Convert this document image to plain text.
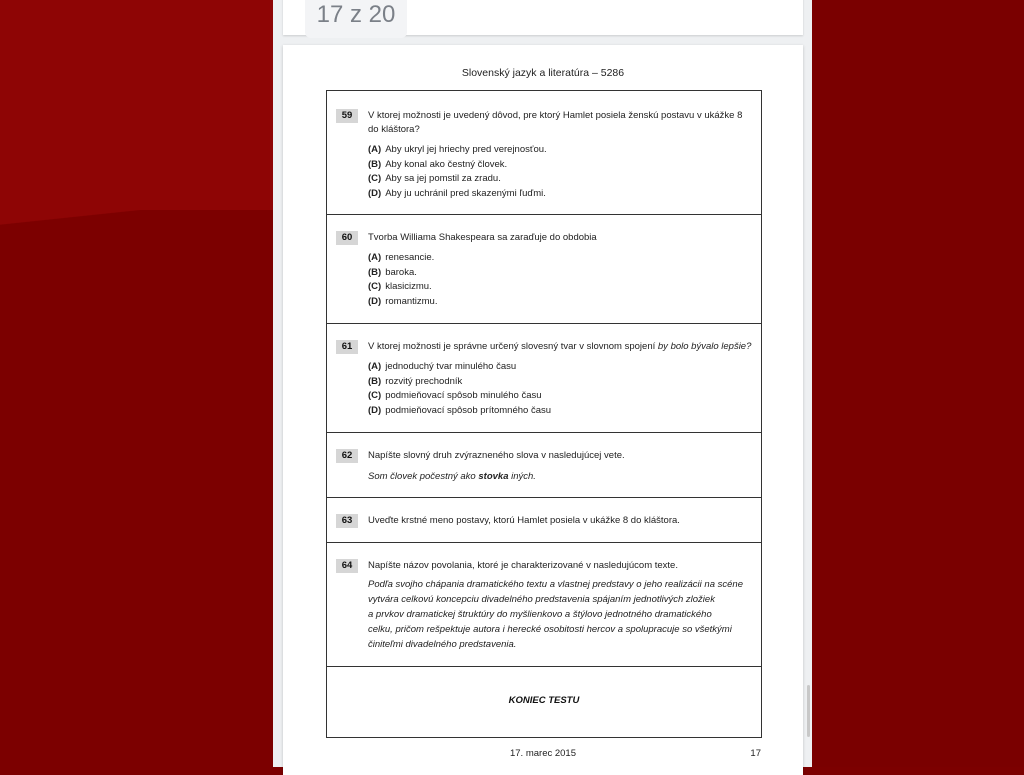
17 z 20
Slovenský jazyk a literatúra – 5286
59	V ktorej možnosti je uvedený dôvod, pre ktorý Hamlet posiela ženskú postavu v ukážke 8 do kláštora?
(A) Aby ukryl jej hriechy pred verejnosťou.
(B) Aby konal ako čestný človek.
(C) Aby sa jej pomstil za zradu.
(D) Aby ju uchránil pred skazenými ľuďmi.
60	Tvorba Williama Shakespeara sa zaraďuje do obdobia
(A) renesancie.
(B) baroka.
(C) klasicizmu.
(D) romantizmu.
61	V ktorej možnosti je správne určený slovesný tvar v slovnom spojení by bolo bývalo lepšie?
(A) jednoduchý tvar minulého času
(B) rozvitý prechodník
(C) podmieňovací spôsob minulého času
(D) podmieňovací spôsob prítomného času
62	Napíšte slovný druh zvýrazneného slova v nasledujúcej vete.
Som človek počestný ako stovka iných.
63	Uveďte krstné meno postavy, ktorú Hamlet posiela v ukážke 8 do kláštora.
64	Napíšte názov povolania, ktoré je charakterizované v nasledujúcom texte.
Podľa svojho chápania dramatického textu a vlastnej predstavy o jeho realizácii na scéne
vytvára celkovú koncepciu divadelného predstavenia spájaním jednotlivých zložiek
a prvkov dramatickej štruktúry do myšlienkovo a štýlovo jednotného dramatického
celku, pričom rešpektuje autora i herecké osobitosti hercov a spolupracuje so všetkými
činiteľmi divadelného predstavenia.
KONIEC TESTU
17. marec 2015	17
